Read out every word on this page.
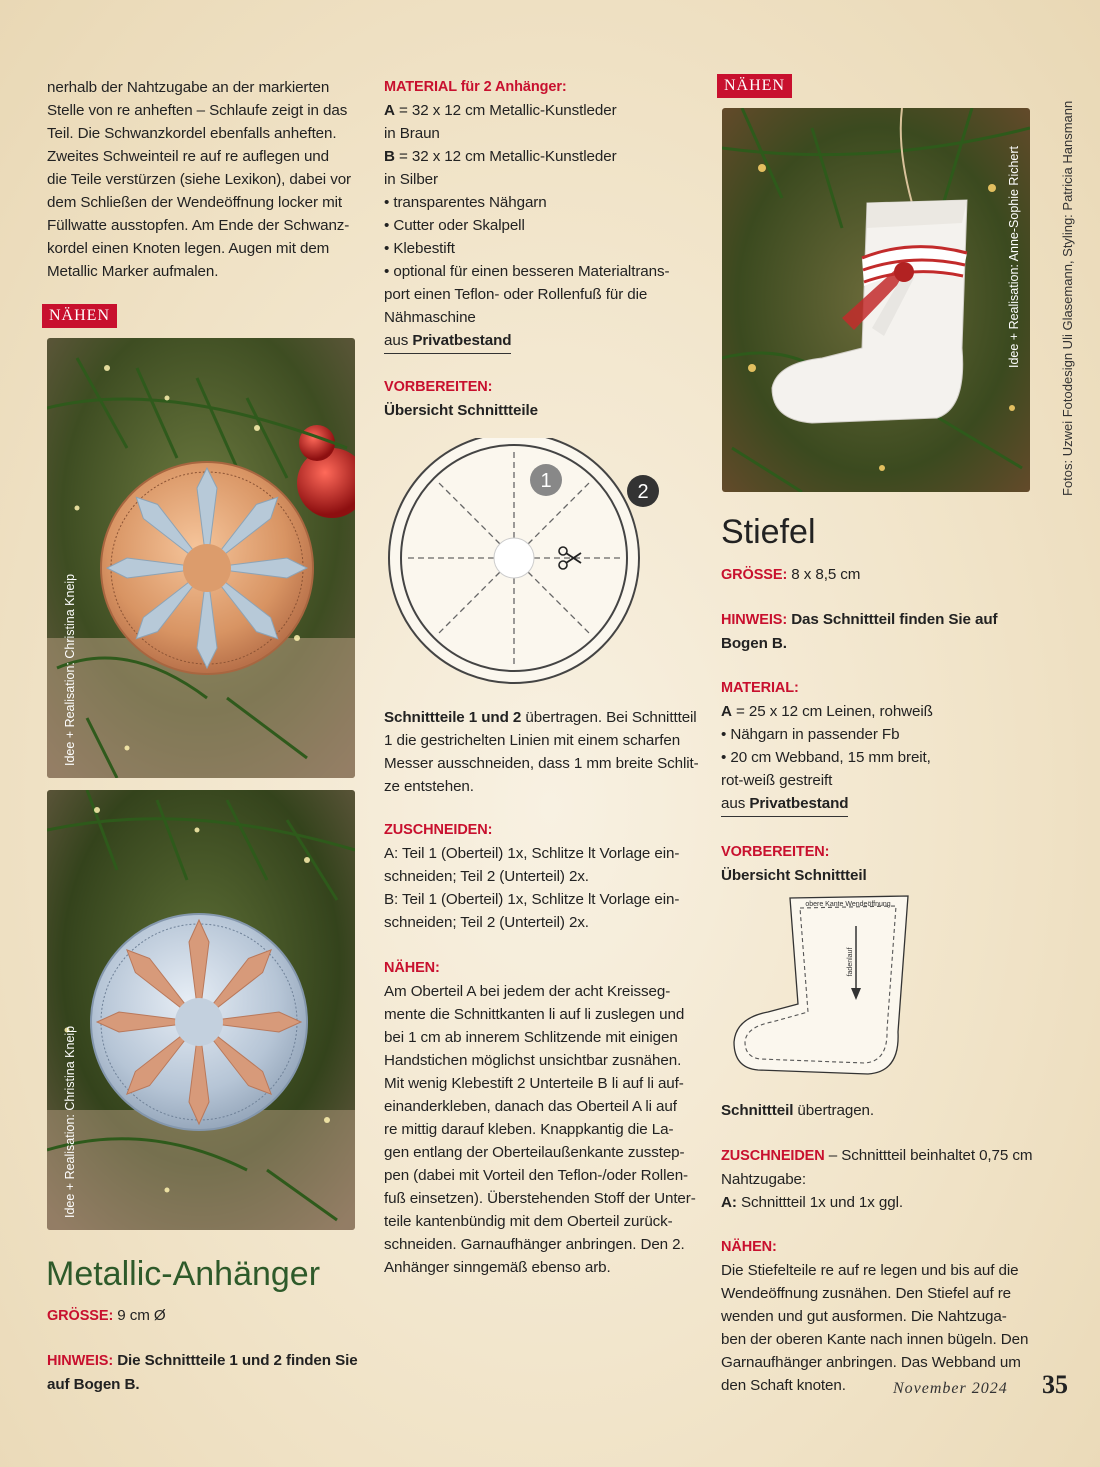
nerhalb der Nahtzugabe an der markierten
Stelle von re anheften – Schlaufe zeigt in das
Teil. Die Schwanzkordel ebenfalls anheften.
Zweites Schweinteil re auf re auflegen und
die Teile verstürzen (siehe Lexikon), dabei vor
dem Schließen der Wendeöffnung locker mit
Füllwatte ausstopfen. Am Ende der Schwanz-
kordel einen Knoten legen. Augen mit dem
Metallic Marker aufmalen.
NÄHEN
Idee + Realisation: Christina Kneip
Idee + Realisation: Christina Kneip
Metallic-Anhänger
GRÖSSE: 9 cm Ø
HINWEIS: Die Schnittteile 1 und 2 finden Sie
auf Bogen B.
MATERIAL für 2 Anhänger:
A = 32 x 12 cm Metallic-Kunstleder
in Braun
B = 32 x 12 cm Metallic-Kunstleder
in Silber
• transparentes Nähgarn
• Cutter oder Skalpell
• Klebestift
• optional für einen besseren Materialtrans-
port einen Teflon- oder Rollenfuß für die
Nähmaschine
aus Privatbestand
VORBEREITEN:
Übersicht Schnittteile
1	2
Schnittteile 1 und 2 übertragen. Bei Schnittteil
1 die gestrichelten Linien mit einem scharfen
Messer ausschneiden, dass 1 mm breite Schlit-
ze entstehen.
ZUSCHNEIDEN:
A: Teil 1 (Oberteil) 1x, Schlitze lt Vorlage ein-
schneiden; Teil 2 (Unterteil) 2x.
B: Teil 1 (Oberteil) 1x, Schlitze lt Vorlage ein-
schneiden; Teil 2 (Unterteil) 2x.
NÄHEN:
Am Oberteil A bei jedem der acht Kreisseg-
mente die Schnittkanten li auf li zuslegen und
bei 1 cm ab innerem Schlitzende mit einigen
Handstichen möglichst unsichtbar zusnähen.
Mit wenig Klebestift 2 Unterteile B li auf li auf-
einanderkleben, danach das Oberteil A li auf
re mittig darauf kleben. Knappkantig die La-
gen entlang der Oberteilaußenkante zusstep-
pen (dabei mit Vorteil den Teflon-/oder Rollen-
fuß einsetzen). Überstehenden Stoff der Unter-
teile kantenbündig mit dem Oberteil zurück-
schneiden. Garnaufhänger anbringen. Den 2.
Anhänger sinngemäß ebenso arb.
NÄHEN
Idee + Realisation: Anne-Sophie Richert
Stiefel
GRÖSSE: 8 x 8,5 cm
HINWEIS: Das Schnittteil finden Sie auf
Bogen B.
MATERIAL:
A = 25 x 12 cm Leinen, rohweiß
• Nähgarn in passender Fb
• 20 cm Webband, 15 mm breit,
rot-weiß gestreift
aus Privatbestand
VORBEREITEN:
Übersicht Schnittteil
obere Kante Wendeöffnung
fadenlauf
Schnittteil übertragen.
ZUSCHNEIDEN – Schnittteil beinhaltet 0,75 cm
Nahtzugabe:
A: Schnittteil 1x und 1x ggl.
NÄHEN:
Die Stiefelteile re auf re legen und bis auf die
Wendeöffnung zusnähen. Den Stiefel auf re
wenden und gut ausformen. Die Nahtzuga-
ben der oberen Kante nach innen bügeln. Den
Garnaufhänger anbringen. Das Webband um
den Schaft knoten.
Fotos: Uzwei Fotodesign Uli Glasemann, Styling: Patricia Hansmann
November 2024 35
